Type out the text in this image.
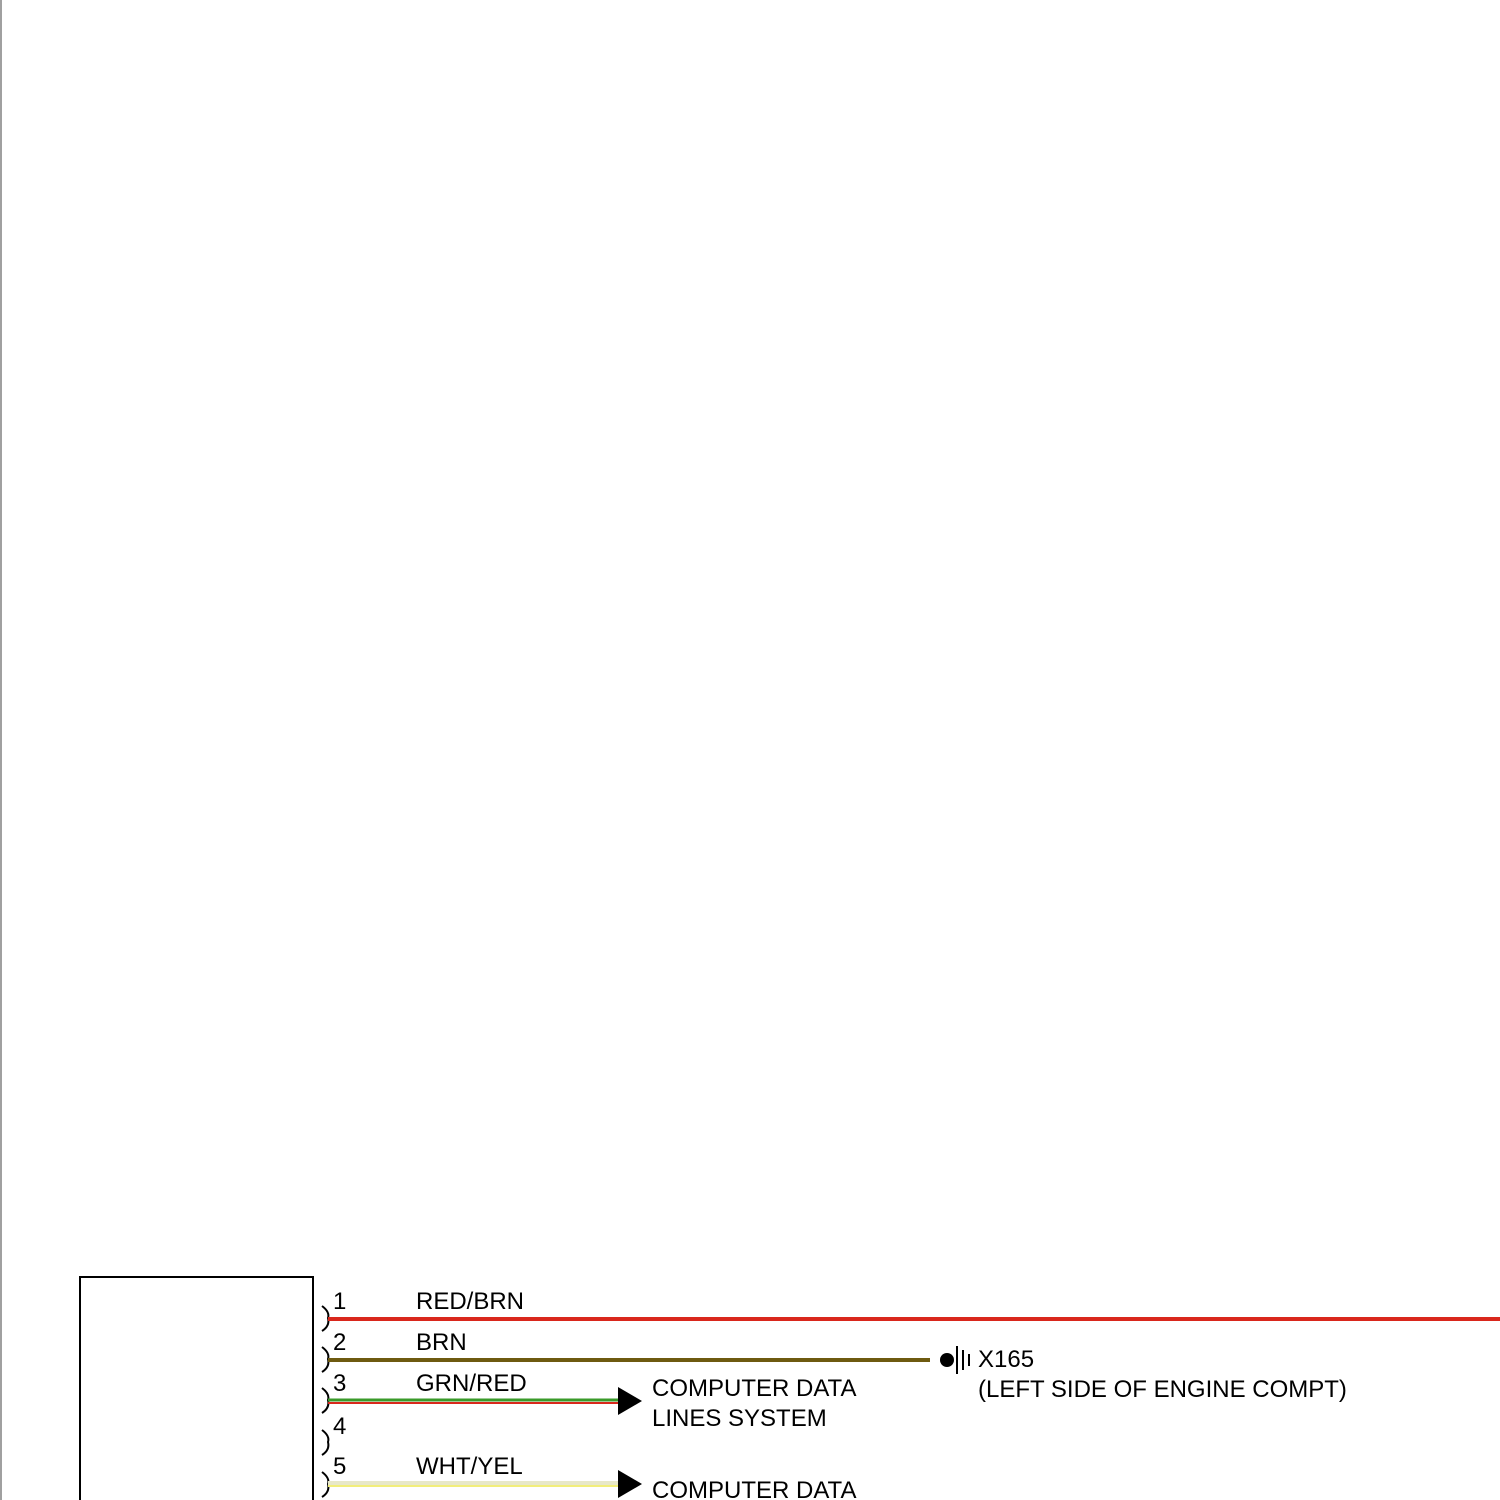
1
2
3
4
5
RED/BRN
BRN
GRN/RED
WHT/YEL
X165
(LEFT SIDE OF ENGINE COMPT)
COMPUTER DATA
LINES SYSTEM
COMPUTER DATA
